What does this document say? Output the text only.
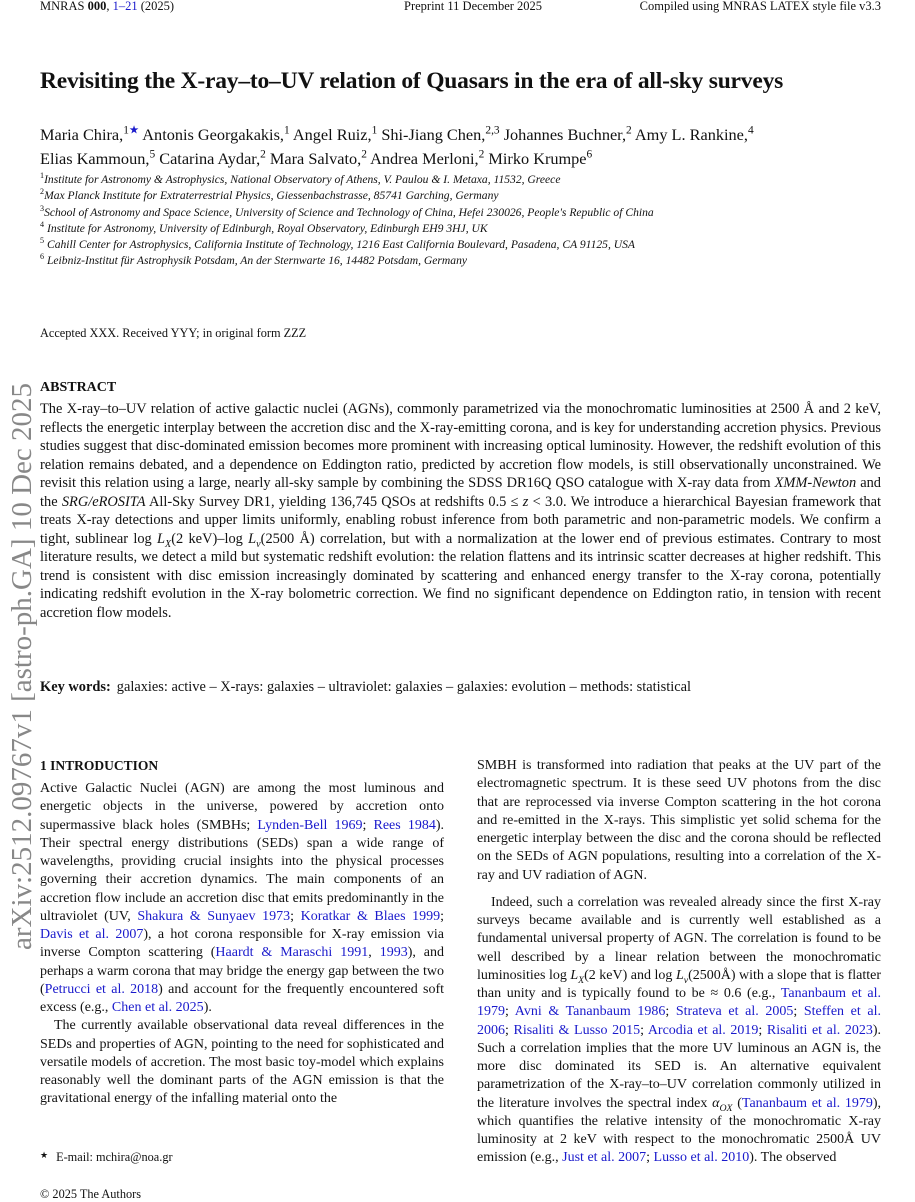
arXiv:2512.09767v1 [astro-ph.GA] 10 Dec 2025
MNRAS 000, 1–21 (2025)	Preprint 11 December 2025	Compiled using MNRAS LATEX style file v3.3
Revisiting the X-ray–to–UV relation of Quasars in the era of all-sky surveys
Maria Chira,$^{1★}$ Antonis Georgakakis,$^1$ Angel Ruiz,$^1$ Shi-Jiang Chen,$^{2,3}$ Johannes Buchner,$^2$ Amy L. Rankine,$^4$
Elias Kammoun,$^5$ Catarina Aydar,$^2$ Mara Salvato,$^2$ Andrea Merloni,$^2$ Mirko Krumpe$^6$
$^1$Institute for Astronomy & Astrophysics, National Observatory of Athens, V. Paulou & I. Metaxa, 11532, Greece
$^2$Max Planck Institute for Extraterrestrial Physics, Giessenbachstrasse, 85741 Garching, Germany
$^3$School of Astronomy and Space Science, University of Science and Technology of China, Hefei 230026, People's Republic of China
$^4$ Institute for Astronomy, University of Edinburgh, Royal Observatory, Edinburgh EH9 3HJ, UK
$^5$ Cahill Center for Astrophysics, California Institute of Technology, 1216 East California Boulevard, Pasadena, CA 91125, USA
$^6$ Leibniz-Institut für Astrophysik Potsdam, An der Sternwarte 16, 14482 Potsdam, Germany
Accepted XXX. Received YYY; in original form ZZZ
ABSTRACT
The X-ray–to–UV relation of active galactic nuclei (AGNs), commonly parametrized via the monochromatic luminosities at 2500 Å and 2 keV, reflects the energetic interplay between the accretion disc and the X-ray-emitting corona, and is key for understanding accretion physics. Previous studies suggest that disc-dominated emission becomes more prominent with increasing optical luminosity. However, the redshift evolution of this relation remains debated, and a dependence on Eddington ratio, predicted by accretion flow models, is still observationally unconstrained. We revisit this relation using a large, nearly all-sky sample by combining the SDSS DR16Q QSO catalogue with X-ray data from XMM-Newton and the SRG/eROSITA All-Sky Survey DR1, yielding 136,745 QSOs at redshifts 0.5 ≤ z < 3.0. We introduce a hierarchical Bayesian framework that treats X-ray detections and upper limits uniformly, enabling robust inference from both parametric and non-parametric models. We confirm a tight, sublinear $\log L_X(2$ keV)–log $L_\nu(2500$ Å) correlation, but with a normalization at the lower end of previous estimates. Contrary to most literature results, we detect a mild but systematic redshift evolution: the relation flattens and its intrinsic scatter decreases at higher redshift. This trend is consistent with disc emission increasingly dominated by scattering and enhanced energy transfer to the X-ray corona, potentially indicating redshift evolution in the X-ray bolometric correction. We find no significant dependence on Eddington ratio, in tension with recent accretion flow models.
Key words: galaxies: active – X-rays: galaxies – ultraviolet: galaxies – galaxies: evolution – methods: statistical
1 INTRODUCTION

Active Galactic Nuclei (AGN) are among the most luminous and energetic objects in the universe, powered by accretion onto supermassive black holes (SMBHs; Lynden-Bell 1969; Rees 1984). Their spectral energy distributions (SEDs) span a wide range of wavelengths, providing crucial insights into the physical processes governing their accretion dynamics. The main components of an accretion flow include an accretion disc that emits predominantly in the ultraviolet (UV, Shakura & Sunyaev 1973; Koratkar & Blaes 1999; Davis et al. 2007), a hot corona responsible for X-ray emission via inverse Compton scattering (Haardt & Maraschi 1991, 1993), and perhaps a warm corona that may bridge the energy gap between the two (Petrucci et al. 2018) and account for the frequently encountered soft excess (e.g., Chen et al. 2025).

The currently available observational data reveal differences in the SEDs and properties of AGN, pointing to the need for sophisticated and versatile models of accretion. The most basic toy-model which explains reasonably well the dominant parts of the AGN emission is that the gravitational energy of the infalling material onto the

SMBH is transformed into radiation that peaks at the UV part of the electromagnetic spectrum. It is these seed UV photons from the disc that are reprocessed via inverse Compton scattering in the hot corona and re-emitted in the X-rays. This simplistic yet solid schema for the energetic interplay between the disc and the corona should be reflected on the SEDs of AGN populations, resulting into a correlation of the X-ray and UV radiation of AGN.

Indeed, such a correlation was revealed already since the first X-ray surveys became available and is currently well established as a fundamental universal property of AGN. The correlation is found to be well described by a linear relation between the monochromatic luminosities $\log L_X(2$ keV) and $\log L_\nu(2500Å)$ with a slope that is flatter than unity and is typically found to be ≈ 0.6 (e.g., Tananbaum et al. 1979; Avni & Tananbaum 1986; Strateva et al. 2005; Steffen et al. 2006; Risaliti & Lusso 2015; Arcodia et al. 2019; Risaliti et al. 2023). Such a correlation implies that the more UV luminous an AGN is, the more disc dominated its SED is. An alternative equivalent parametrization of the X-ray–to–UV correlation commonly utilized in the literature involves the spectral index $\alpha_{OX}$ (Tananbaum et al. 1979), which quantifies the relative intensity of the monochromatic X-ray luminosity at 2 keV with respect to the monochromatic 2500Å UV emission (e.g., Just et al. 2007; Lusso et al. 2010). The observed

★ E-mail: mchira@noa.gr
© 2025 The Authors
